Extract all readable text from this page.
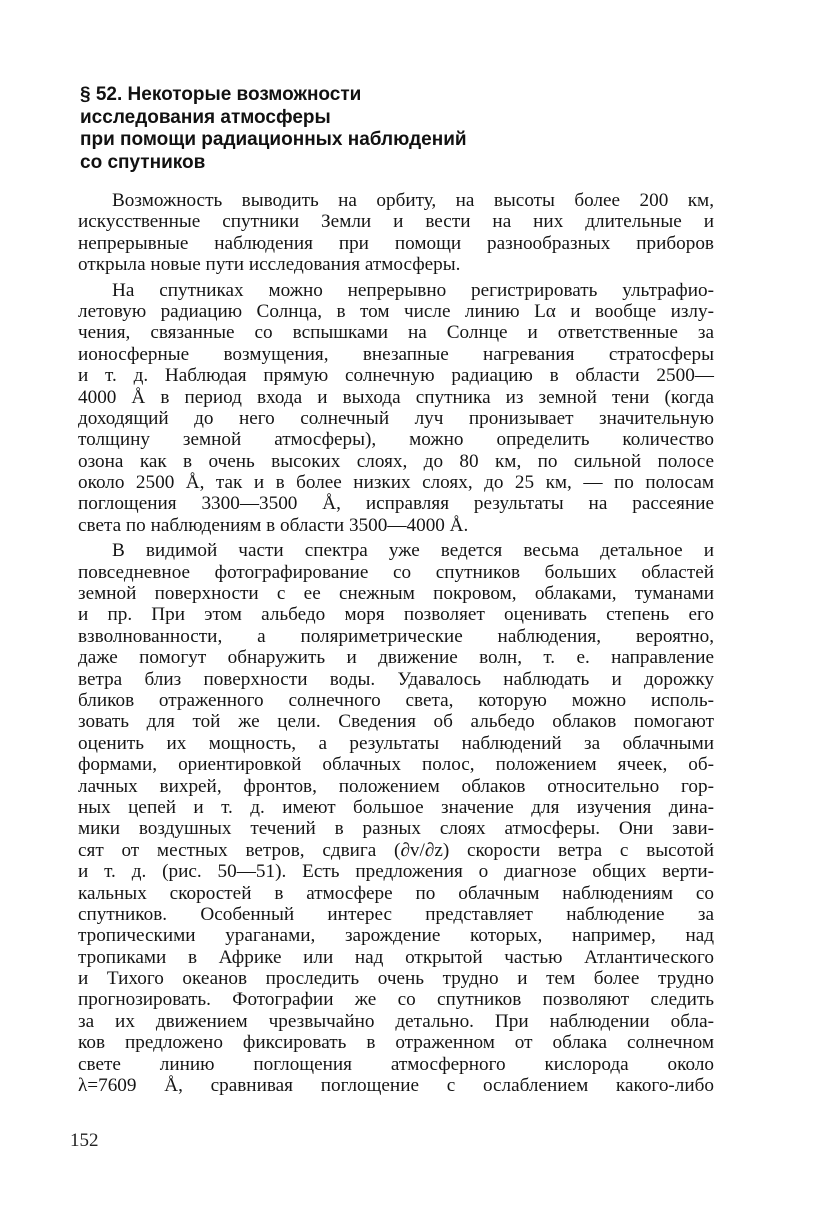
§ 52. Некоторые возможности
исследования атмосферы
при помощи радиационных наблюдений
со спутников
Возможность выводить на орбиту, на высоты более 200 км,
искусственные спутники Земли и вести на них длительные и
непрерывные наблюдения при помощи разнообразных приборов
открыла новые пути исследования атмосферы.
На спутниках можно непрерывно регистрировать ультрафио-
летовую радиацию Солнца, в том числе линию Lα и вообще излу-
чения, связанные со вспышками на Солнце и ответственные за
ионосферные возмущения, внезапные нагревания стратосферы
и т. д. Наблюдая прямую солнечную радиацию в области 2500—
4000 Å в период входа и выхода спутника из земной тени (когда
доходящий до него солнечный луч пронизывает значительную
толщину земной атмосферы), можно определить количество
озона как в очень высоких слоях, до 80 км, по сильной полосе
около 2500 Å, так и в более низких слоях, до 25 км, — по полосам
поглощения 3300—3500 Å, исправляя результаты на рассеяние
света по наблюдениям в области 3500—4000 Å.
В видимой части спектра уже ведется весьма детальное и
повседневное фотографирование со спутников больших областей
земной поверхности с ее снежным покровом, облаками, туманами
и пр. При этом альбедо моря позволяет оценивать степень его
взволнованности, а поляриметрические наблюдения, вероятно,
даже помогут обнаружить и движение волн, т. е. направление
ветра близ поверхности воды. Удавалось наблюдать и дорожку
бликов отраженного солнечного света, которую можно исполь-
зовать для той же цели. Сведения об альбедо облаков помогают
оценить их мощность, а результаты наблюдений за облачными
формами, ориентировкой облачных полос, положением ячеек, об-
лачных вихрей, фронтов, положением облаков относительно гор-
ных цепей и т. д. имеют большое значение для изучения дина-
мики воздушных течений в разных слоях атмосферы. Они зави-
сят от местных ветров, сдвига (∂v/∂z) скорости ветра с высотой
и т. д. (рис. 50—51). Есть предложения о диагнозе общих верти-
кальных скоростей в атмосфере по облачным наблюдениям со
спутников. Особенный интерес представляет наблюдение за
тропическими ураганами, зарождение которых, например, над
тропиками в Африке или над открытой частью Атлантического
и Тихого океанов проследить очень трудно и тем более трудно
прогнозировать. Фотографии же со спутников позволяют следить
за их движением чрезвычайно детально. При наблюдении обла-
ков предложено фиксировать в отраженном от облака солнечном
свете линию поглощения атмосферного кислорода около
λ=7609 Å, сравнивая поглощение с ослаблением какого-либо
152
